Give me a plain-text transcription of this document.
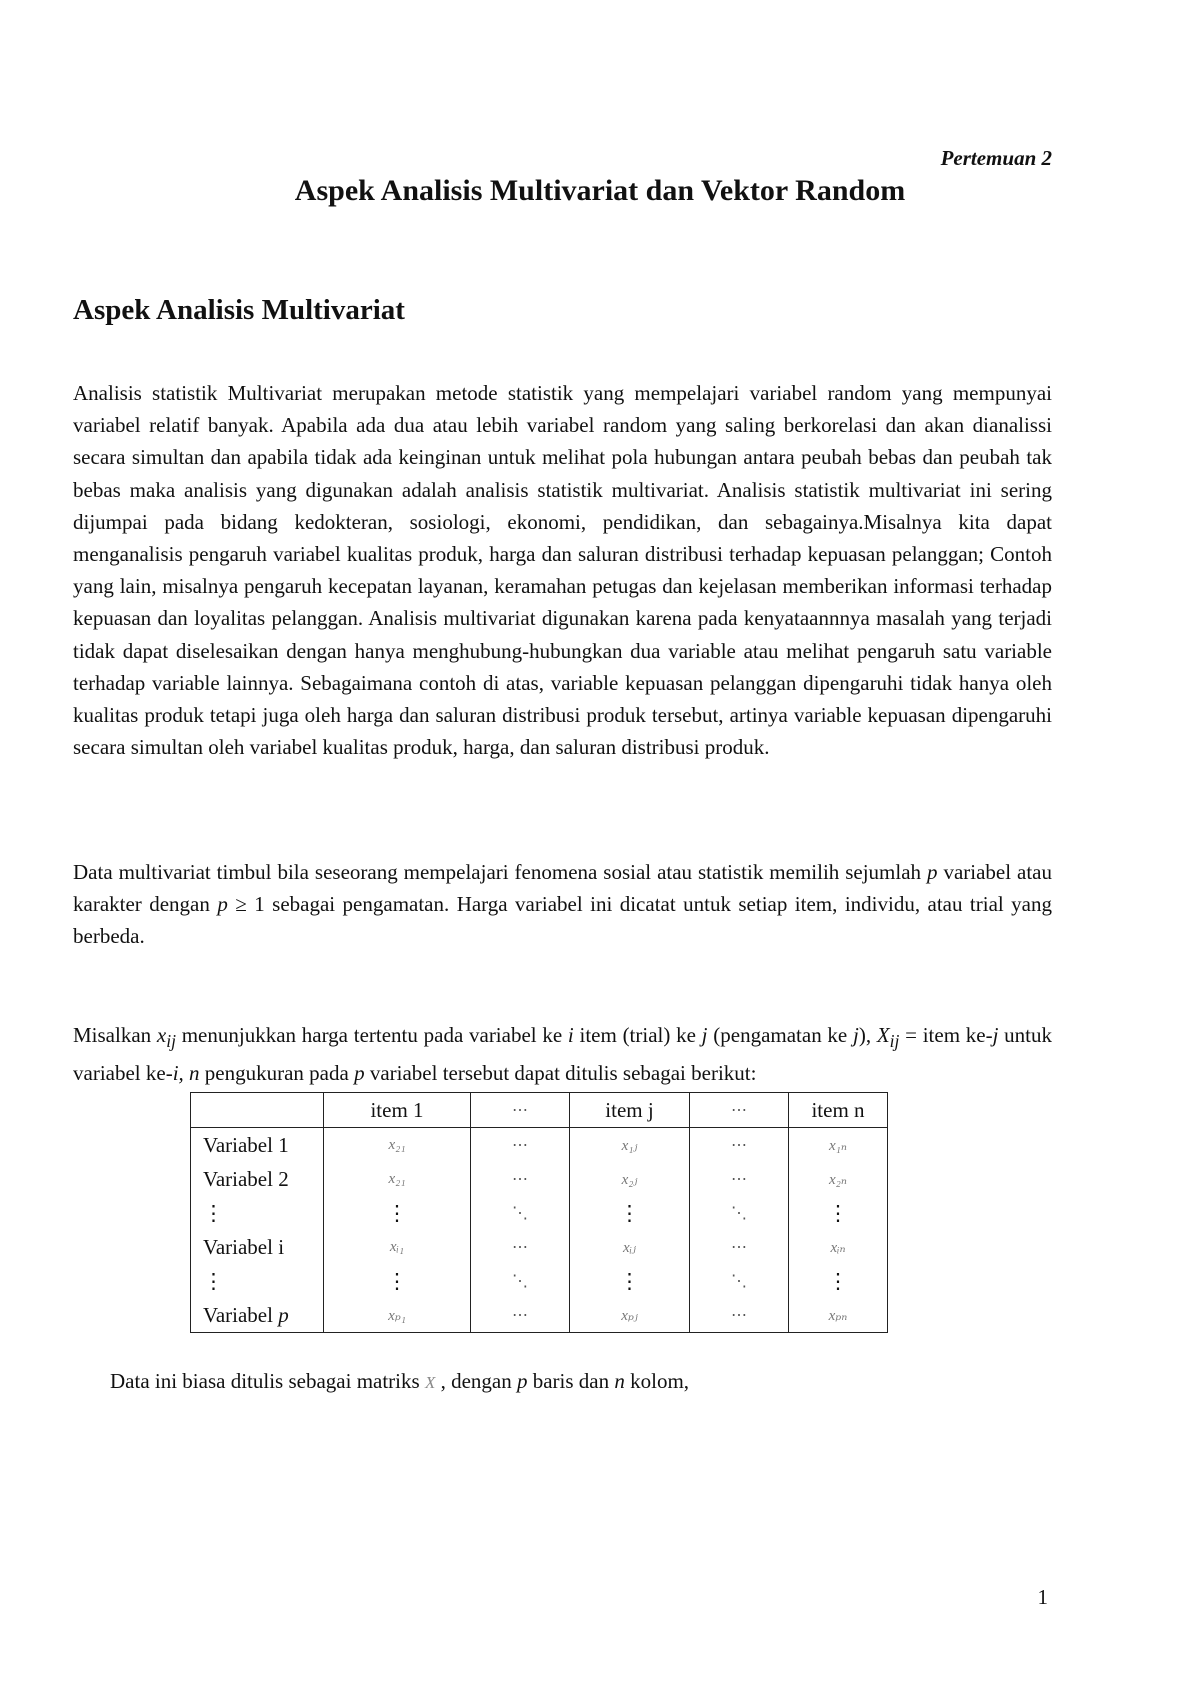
Pertemuan 2
Aspek Analisis Multivariat dan Vektor Random
Aspek Analisis Multivariat

Analisis statistik Multivariat merupakan metode statistik yang mempelajari variabel random yang mempunyai variabel relatif banyak. Apabila ada dua atau lebih variabel random yang saling berkorelasi dan akan dianalissi secara simultan dan apabila tidak ada keinginan untuk melihat pola hubungan antara peubah bebas dan peubah tak bebas maka analisis yang digunakan adalah analisis statistik multivariat. Analisis statistik multivariat ini sering dijumpai pada bidang kedokteran, sosiologi, ekonomi, pendidikan, dan sebagainya.Misalnya kita dapat menganalisis pengaruh variabel kualitas produk, harga dan saluran distribusi terhadap kepuasan pelanggan; Contoh yang lain, misalnya pengaruh kecepatan layanan, keramahan petugas dan kejelasan memberikan informasi terhadap kepuasan dan loyalitas pelanggan. Analisis multivariat digunakan karena pada kenyataannnya masalah yang terjadi tidak dapat diselesaikan dengan hanya menghubung-hubungkan dua variable atau melihat pengaruh satu variable terhadap variable lainnya. Sebagaimana contoh di atas, variable kepuasan pelanggan dipengaruhi tidak hanya oleh kualitas produk tetapi juga oleh harga dan saluran distribusi produk tersebut, artinya variable kepuasan dipengaruhi secara simultan oleh variabel kualitas produk, harga, dan saluran distribusi produk.

Data multivariat timbul bila seseorang mempelajari fenomena sosial atau statistik memilih sejumlah p variabel atau karakter dengan p ≥ 1 sebagai pengamatan. Harga variabel ini dicatat untuk setiap item, individu, atau trial yang berbeda.

Misalkan $x_{ij}$ menunjukkan harga tertentu pada variabel ke i item (trial) ke j (pengamatan ke j), $X_{ij}$ = item ke-j untuk variabel ke-i, n pengukuran pada p variabel tersebut dapat ditulis sebagai berikut:

	item 1	⋯	item j	⋯	item n
Variabel 1	x₂₁	⋯	x₁ⱼ	⋯	x₁ₙ
Variabel 2	x₂₁	⋯	x₂ⱼ	⋯	x₂ₙ
⋮	⋮	⋱	⋮	⋱	⋮
Variabel i	xᵢ₁	⋯	xᵢⱼ	⋯	xᵢₙ
⋮	⋮	⋱	⋮	⋱	⋮
Variabel p	xₚ₁	⋯	xₚⱼ	⋯	xₚₙ

Data ini biasa ditulis sebagai matriks X , dengan p baris dan n kolom,

1
